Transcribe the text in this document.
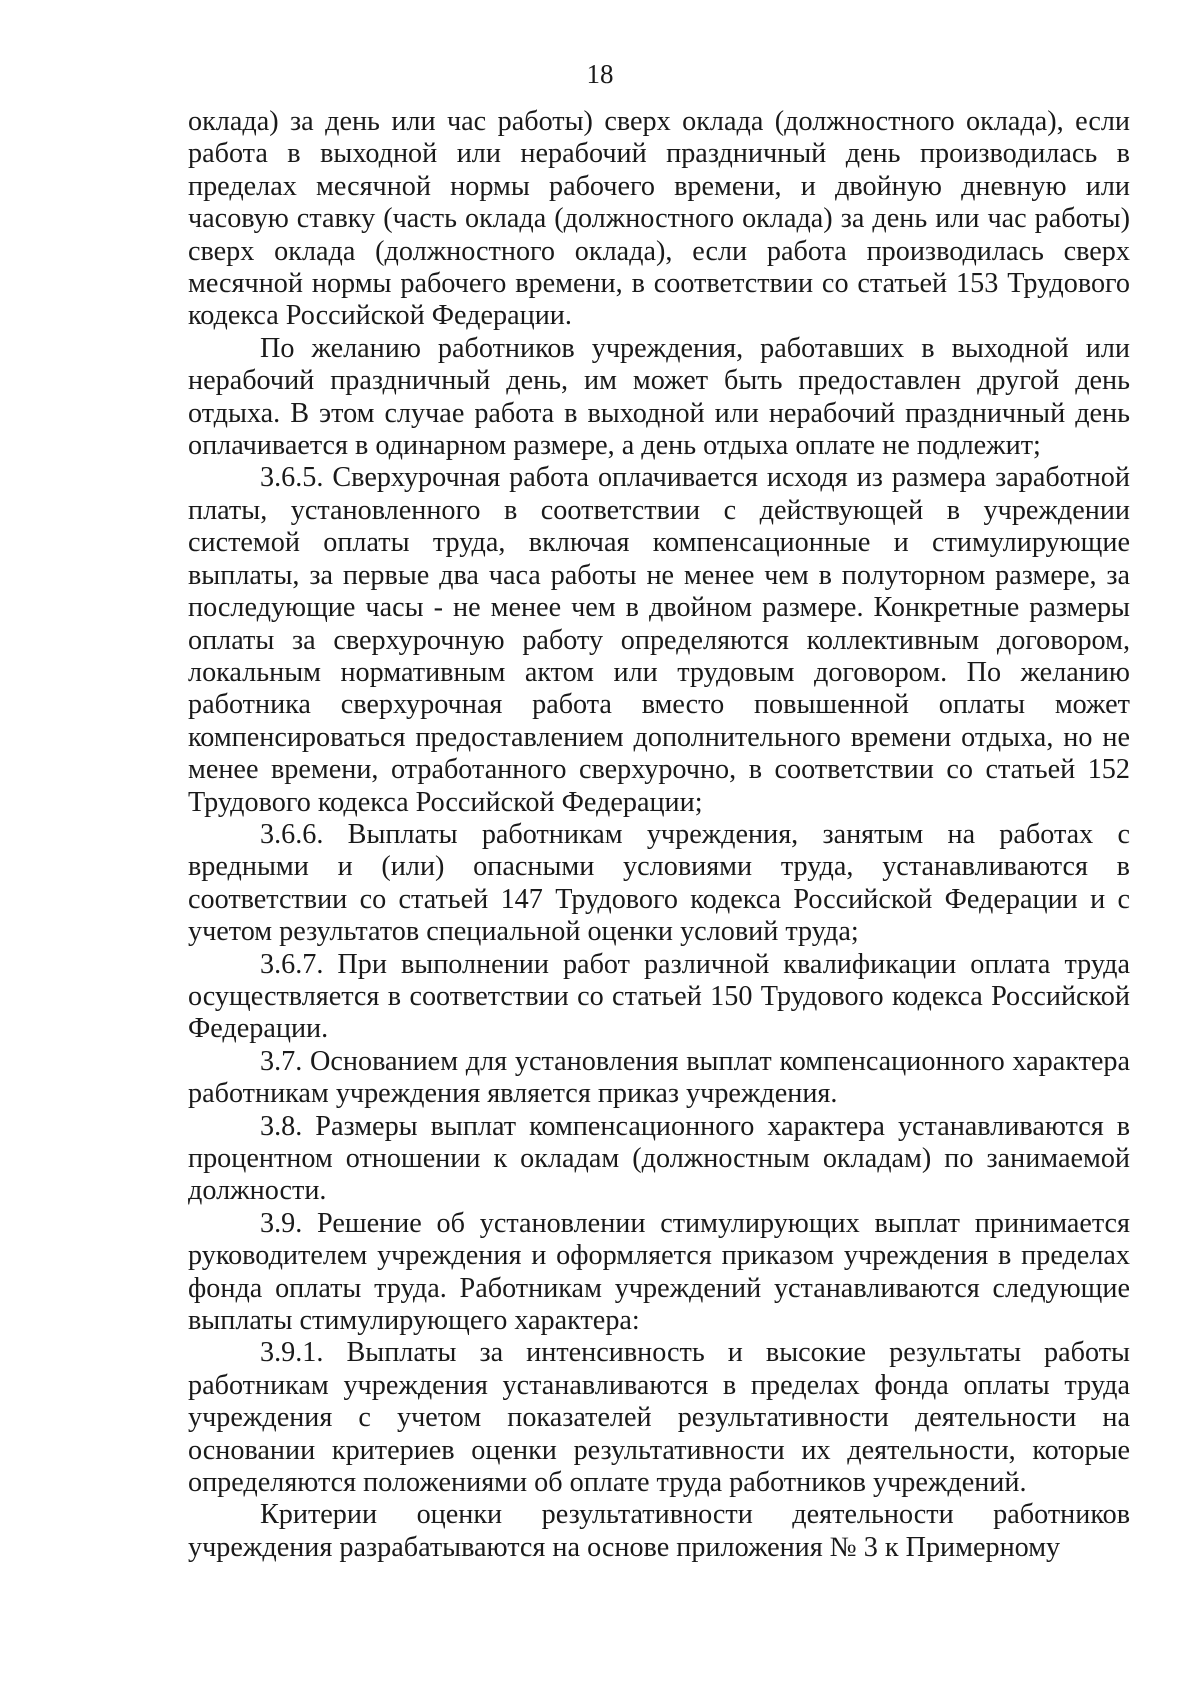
18

оклада) за день или час работы) сверх оклада (должностного оклада), если работа в выходной или нерабочий праздничный день производилась в пределах месячной нормы рабочего времени, и двойную дневную или часовую ставку (часть оклада (должностного оклада) за день или час работы) сверх оклада (должностного оклада), если работа производилась сверх месячной нормы рабочего времени, в соответствии со статьей 153 Трудового кодекса Российской Федерации.

По желанию работников учреждения, работавших в выходной или нерабочий праздничный день, им может быть предоставлен другой день отдыха. В этом случае работа в выходной или нерабочий праздничный день оплачивается в одинарном размере, а день отдыха оплате не подлежит;

3.6.5. Сверхурочная работа оплачивается исходя из размера заработной платы, установленного в соответствии с действующей в учреждении системой оплаты труда, включая компенсационные и стимулирующие выплаты, за первые два часа работы не менее чем в полуторном размере, за последующие часы - не менее чем в двойном размере. Конкретные размеры оплаты за сверхурочную работу определяются коллективным договором, локальным нормативным актом или трудовым договором. По желанию работника сверхурочная работа вместо повышенной оплаты может компенсироваться предоставлением дополнительного времени отдыха, но не менее времени, отработанного сверхурочно, в соответствии со статьей 152 Трудового кодекса Российской Федерации;

3.6.6. Выплаты работникам учреждения, занятым на работах с вредными и (или) опасными условиями труда, устанавливаются в соответствии со статьей 147 Трудового кодекса Российской Федерации и с учетом результатов специальной оценки условий труда;

3.6.7. При выполнении работ различной квалификации оплата труда осуществляется в соответствии со статьей 150 Трудового кодекса Российской Федерации.

3.7. Основанием для установления выплат компенсационного характера работникам учреждения является приказ учреждения.

3.8. Размеры выплат компенсационного характера устанавливаются в процентном отношении к окладам (должностным окладам) по занимаемой должности.

3.9. Решение об установлении стимулирующих выплат принимается руководителем учреждения и оформляется приказом учреждения в пределах фонда оплаты труда. Работникам учреждений устанавливаются следующие выплаты стимулирующего характера:

3.9.1. Выплаты за интенсивность и высокие результаты работы работникам учреждения устанавливаются в пределах фонда оплаты труда учреждения с учетом показателей результативности деятельности на основании критериев оценки результативности их деятельности, которые определяются положениями об оплате труда работников учреждений.

Критерии оценки результативности деятельности работников учреждения разрабатываются на основе приложения № 3 к Примерному
